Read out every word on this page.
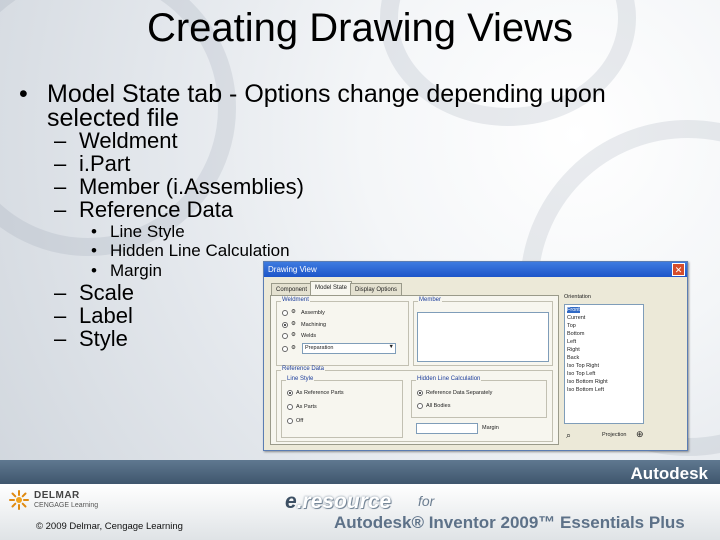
Creating Drawing Views
• Model State tab - Options change depending upon
selected file
– Weldment
– i.Part
– Member (i.Assemblies)
– Reference Data
• Line Style
• Hidden Line Calculation
• Margin
– Scale
– Label
– Style
Drawing View	✕
Component	Model State	Display Options
Weldment
⚙ Assembly
⚙ Machining
⚙ Welds
⚙ Preparation	▼
Member
Reference Data
Line Style
As Reference Parts
As Parts
Off
Hidden Line Calculation
Reference Data Separately
All Bodies
Margin
Orientation
Front
Current
Top
Bottom
Left
Right
Back
Iso Top Right
Iso Top Left
Iso Bottom Right
Iso Bottom Left
⌕	Projection ⊕
Autodesk
DELMAR
CENGAGE Learning
© 2009 Delmar, Cengage Learning
e.resource for
Autodesk® Inventor 2009™ Essentials Plus
